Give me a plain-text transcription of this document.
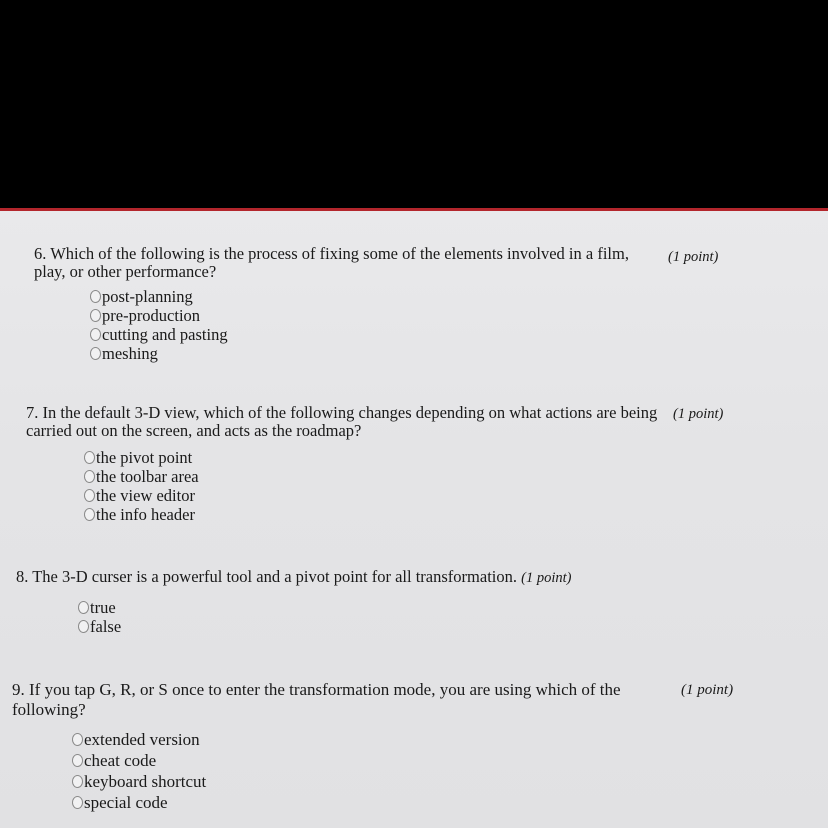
6. Which of the following is the process of fixing some of the elements involved in a film, play, or other performance?
(1 point)
post-planning
pre-production
cutting and pasting
meshing
7. In the default 3-D view, which of the following changes depending on what actions are being carried out on the screen, and acts as the roadmap?
(1 point)
the pivot point
the toolbar area
the view editor
the info header
8. The 3-D curser is a powerful tool and a pivot point for all transformation. (1 point)
true
false
9. If you tap G, R, or S once to enter the transformation mode, you are using which of the following?
(1 point)
extended version
cheat code
keyboard shortcut
special code
